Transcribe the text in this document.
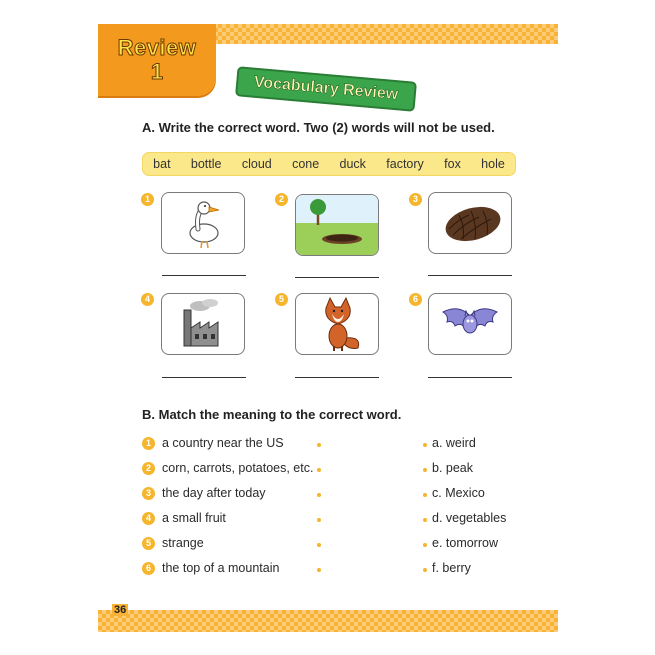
Review
1
Vocabulary Review
A. Write the correct word. Two (2) words will not be used.
bat bottle cloud cone duck factory fox hole
1	2	3
4	5	6
B. Match the meaning to the correct word.
1 a country near the US
2 corn, carrots, potatoes, etc.
3 the day after today
4 a small fruit
5 strange
6 the top of a mountain
a. weird
b. peak
c. Mexico
d. vegetables
e. tomorrow
f. berry
36
